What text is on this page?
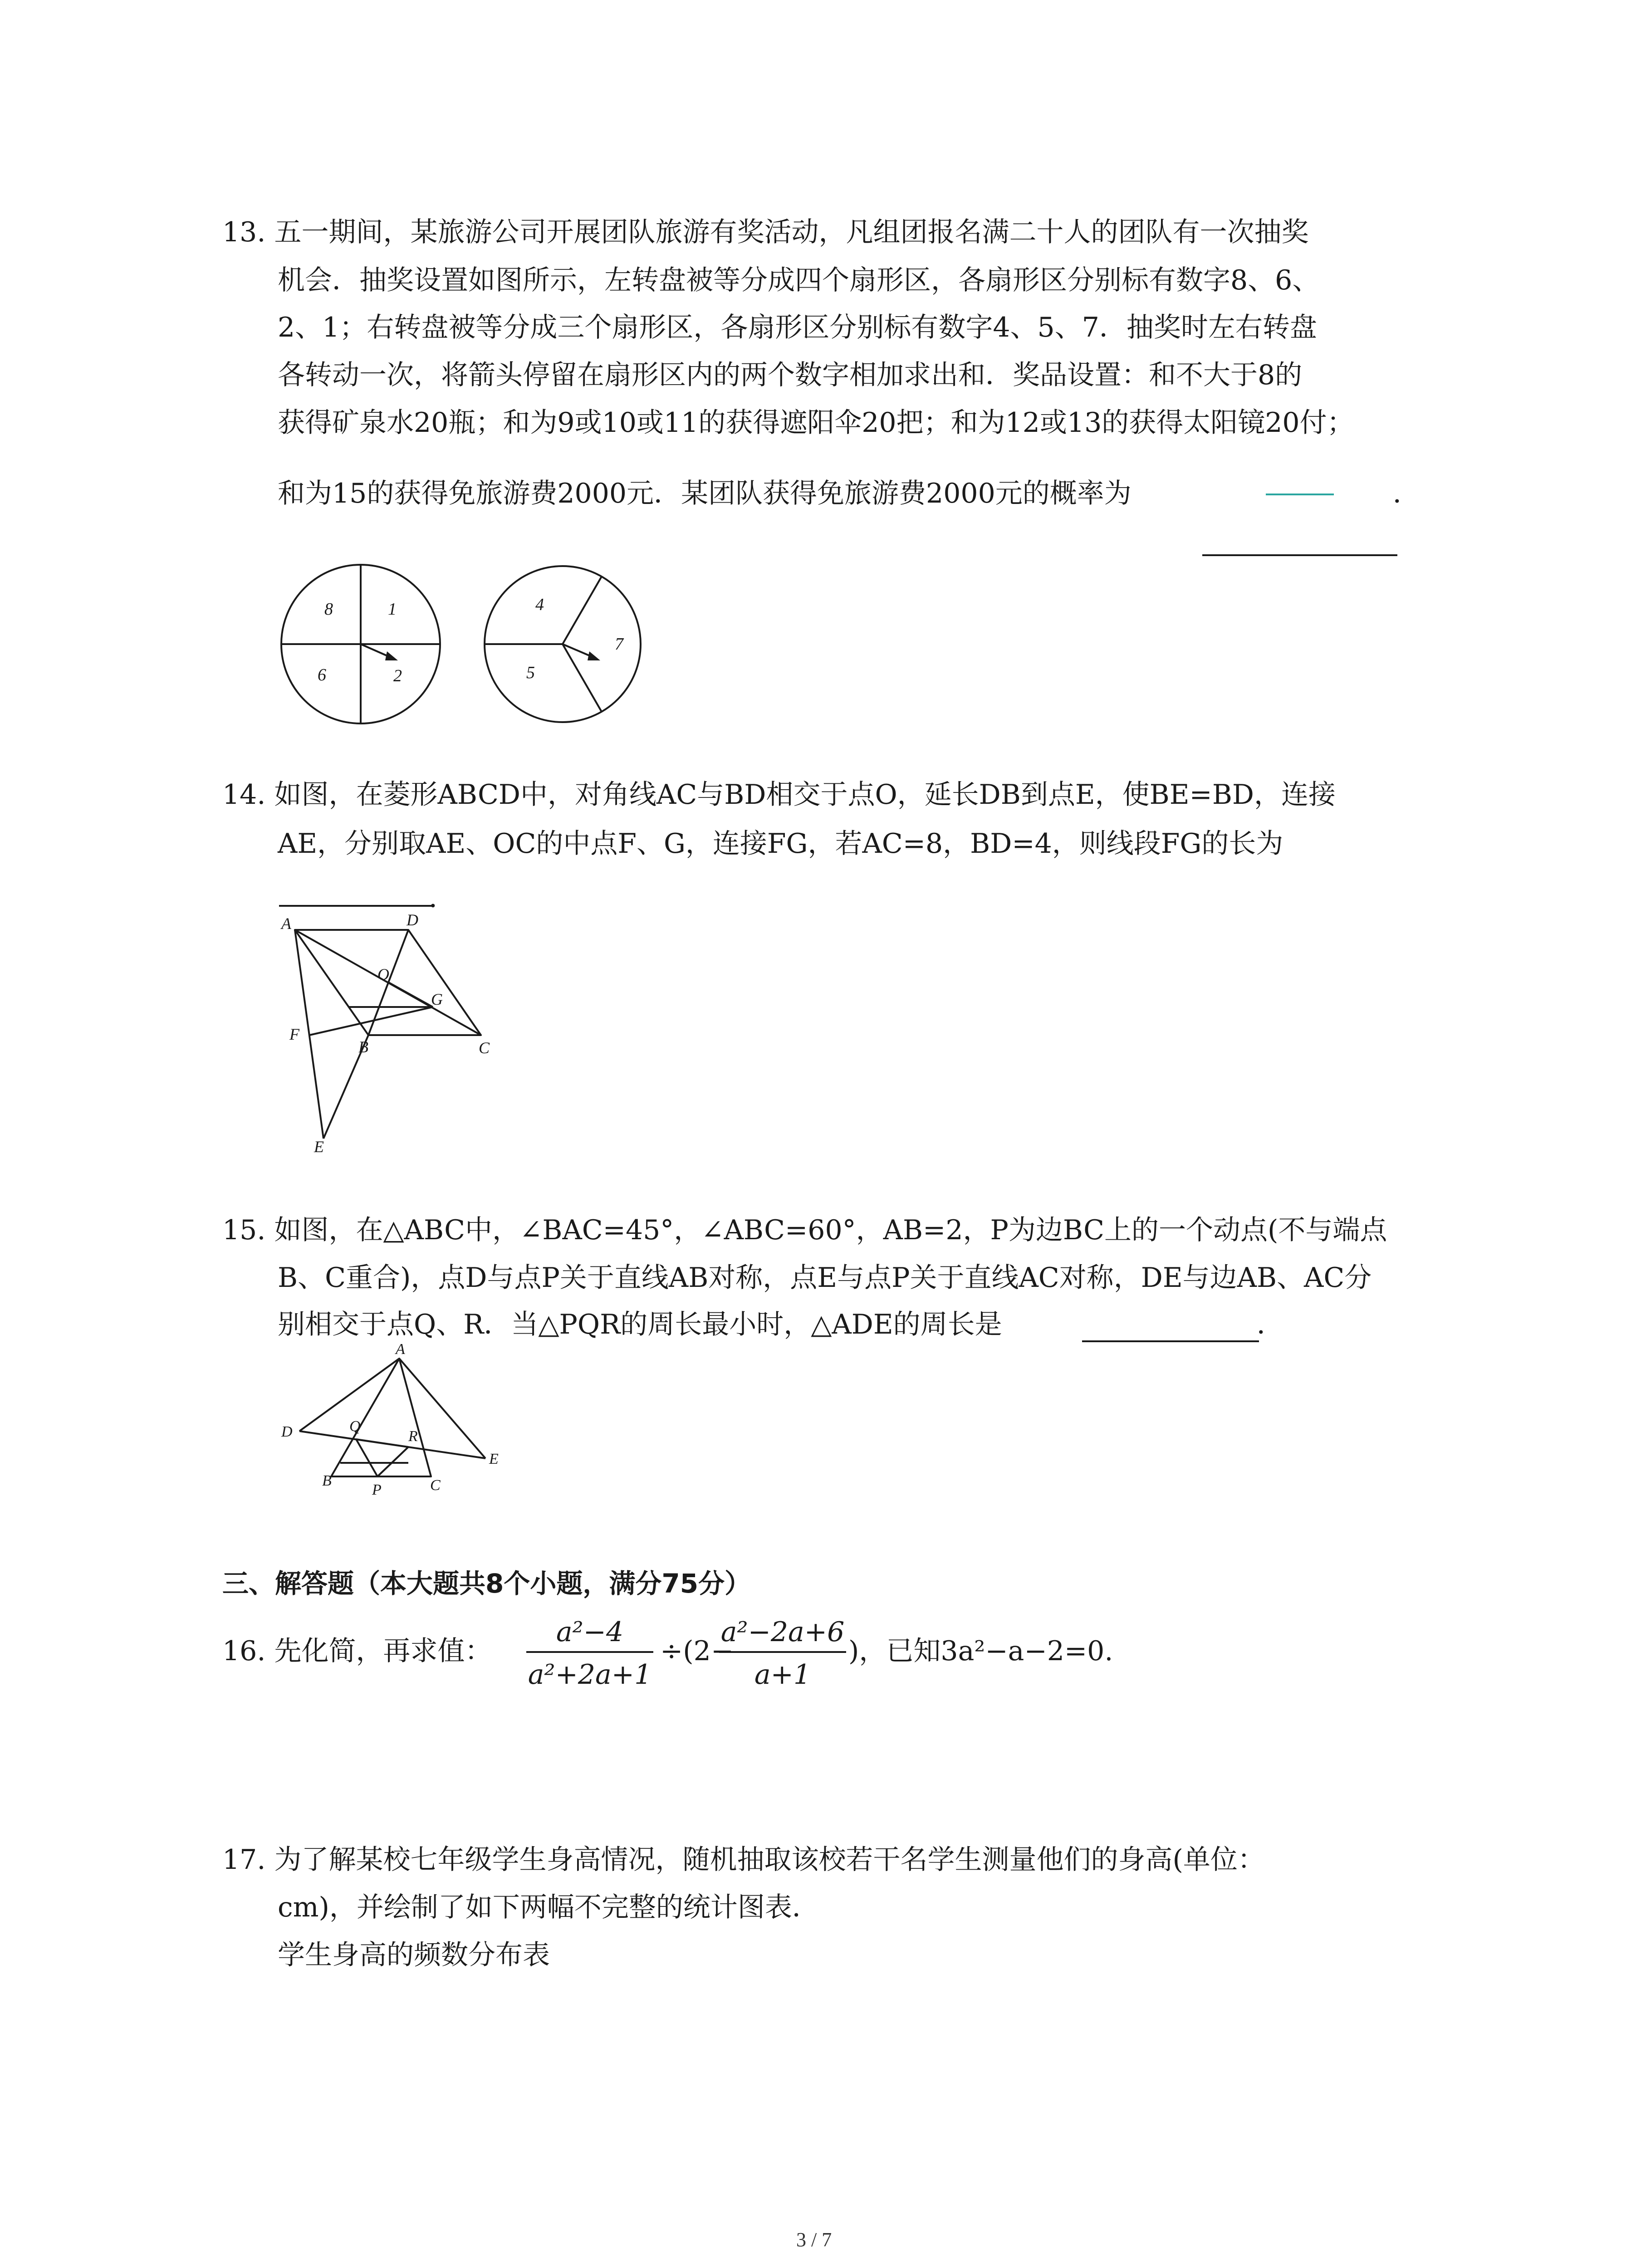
13. 五一期间，某旅游公司开展团队旅游有奖活动，凡组团报名满二十人的团队有一次抽奖
机会．抽奖设置如图所示，左转盘被等分成四个扇形区，各扇形区分别标有数字8、6、
2、1；右转盘被等分成三个扇形区，各扇形区分别标有数字4、5、7．抽奖时左右转盘
各转动一次，将箭头停留在扇形区内的两个数字相加求出和．奖品设置：和不大于8的
获得矿泉水20瓶；和为9或10或11的获得遮阳伞20把；和为12或13的获得太阳镜20付；
和为15的获得免旅游费2000元．某团队获得免旅游费2000元的概率为	．
8	1
6	2
4
7
5
14. 如图，在菱形ABCD中，对角线AC与BD相交于点O，延长DB到点E，使BE=BD，连接
AE，分别取AE、OC的中点F、G，连接FG，若AC=8，BD=4，则线段FG的长为
．
A	D
O
G
F
B	C
E
15. 如图，在△ABC中，∠BAC=45°，∠ABC=60°，AB=2，P为边BC上的一个动点(不与端点
B、C重合)，点D与点P关于直线AB对称，点E与点P关于直线AC对称，DE与边AB、AC分
别相交于点Q、R．当△PQR的周长最小时，△ADE的周长是	．
A
D	Q
R
E
B
P	C
三、解答题（本大题共8个小题，满分75分）
16. 先化简，再求值：
a²−4
a²+2a+1
÷(2−
a²−2a+6
a+1
)，已知3a²−a−2=0.
17. 为了解某校七年级学生身高情况，随机抽取该校若干名学生测量他们的身高(单位：
cm)，并绘制了如下两幅不完整的统计图表．
学生身高的频数分布表
3 / 7
